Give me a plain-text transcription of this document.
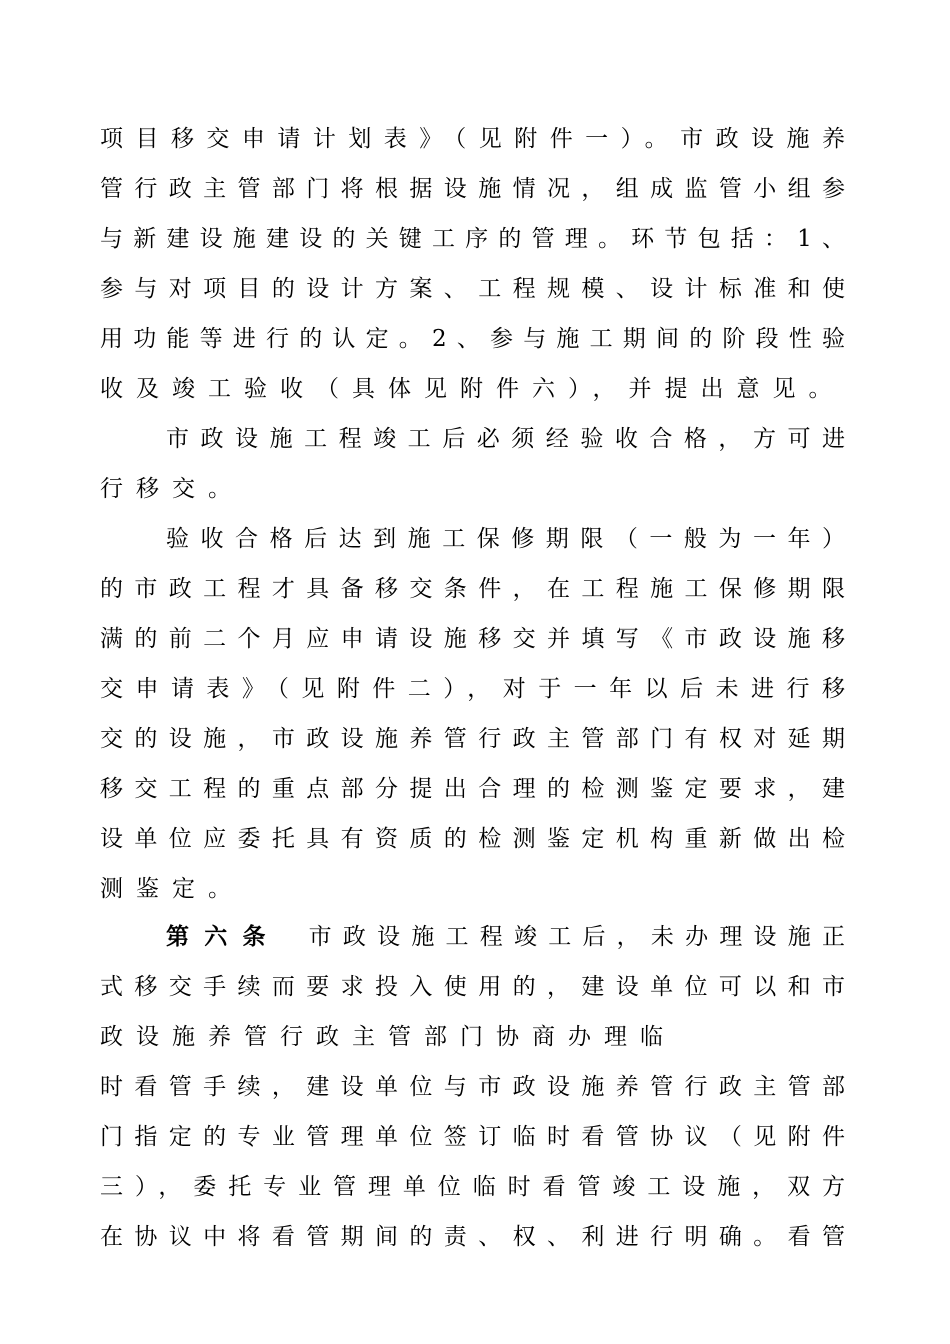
项目移交申请计划表》（见附件一）。市政设施养
管行政主管部门将根据设施情况，组成监管小组参
与新建设施建设的关键工序的管理。环节包括：1、
参与对项目的设计方案、工程规模、设计标准和使
用功能等进行的认定。2、参与施工期间的阶段性验
收及竣工验收（具体见附件六），并提出意见。
市政设施工程竣工后必须经验收合格，方可进
行移交。
验收合格后达到施工保修期限（一般为一年）
的市政工程才具备移交条件，在工程施工保修期限
满的前二个月应申请设施移交并填写《市政设施移
交申请表》（见附件二），对于一年以后未进行移
交的设施，市政设施养管行政主管部门有权对延期
移交工程的重点部分提出合理的检测鉴定要求，建
设单位应委托具有资质的检测鉴定机构重新做出检
测鉴定。
第六条 市政设施工程竣工后，未办理设施正
式移交手续而要求投入使用的，建设单位可以和市
政设施养管行政主管部门协商办理临
时看管手续，建设单位与市政设施养管行政主管部
门指定的专业管理单位签订临时看管协议（见附件
三），委托专业管理单位临时看管竣工设施，双方
在协议中将看管期间的责、权、利进行明确。看管
